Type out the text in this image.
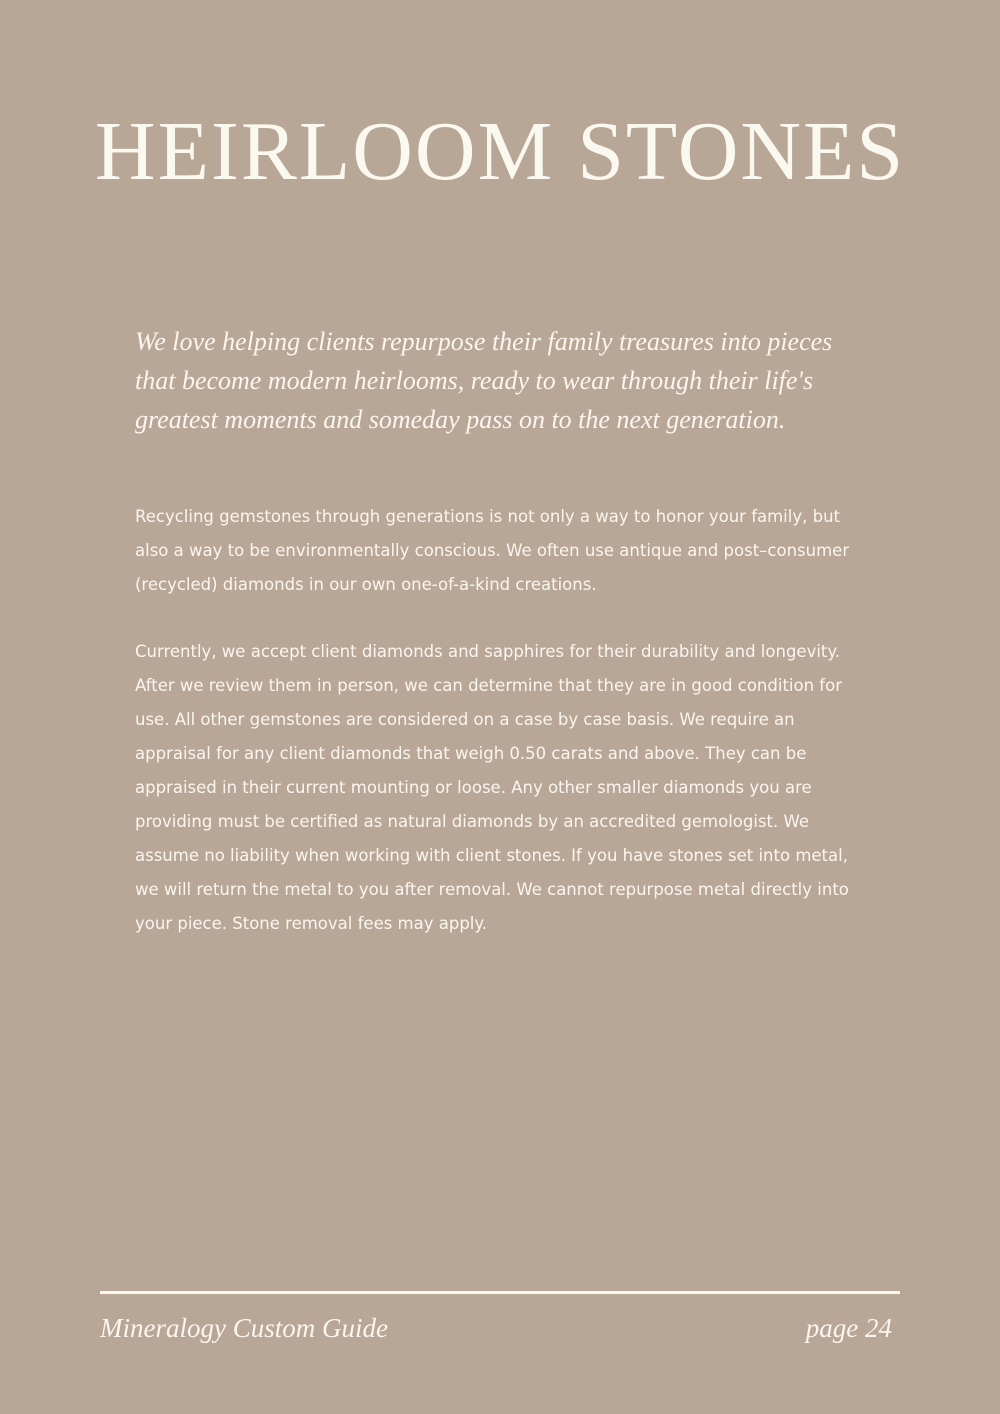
HEIRLOOM STONES

We love helping clients repurpose their family treasures into pieces that become modern heirlooms, ready to wear through their life's greatest moments and someday pass on to the next generation.

Recycling gemstones through generations is not only a way to honor your family, but also a way to be environmentally conscious. We often use antique and post–consumer (recycled) diamonds in our own one-of-a-kind creations.

Currently, we accept client diamonds and sapphires for their durability and longevity. After we review them in person, we can determine that they are in good condition for use. All other gemstones are considered on a case by case basis. We require an appraisal for any client diamonds that weigh 0.50 carats and above. They can be appraised in their current mounting or loose. Any other smaller diamonds you are providing must be certified as natural diamonds by an accredited gemologist. We assume no liability when working with client stones. If you have stones set into metal, we will return the metal to you after removal. We cannot repurpose metal directly into your piece. Stone removal fees may apply.

Mineralogy Custom Guide	page 24
